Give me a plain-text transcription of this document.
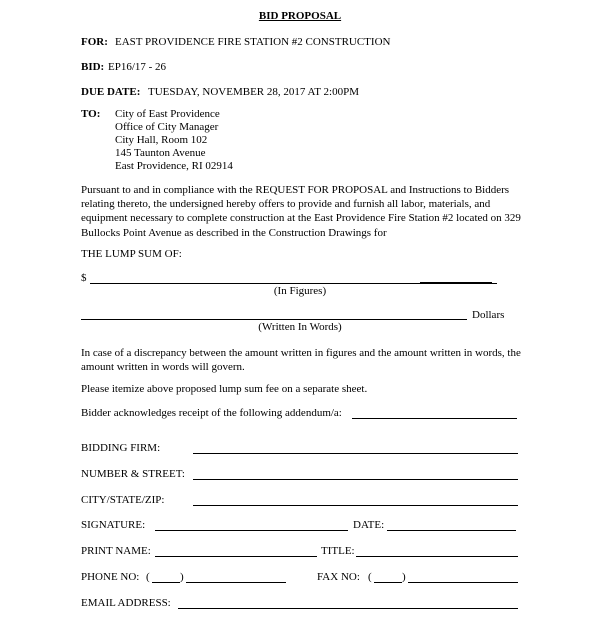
BID PROPOSAL
FOR: EAST PROVIDENCE FIRE STATION #2 CONSTRUCTION
BID: EP16/17 - 26
DUE DATE: TUESDAY, NOVEMBER 28, 2017 AT 2:00PM
TO: City of East Providence
Office of City Manager
City Hall, Room 102
145 Taunton Avenue
East Providence, RI 02914
Pursuant to and in compliance with the REQUEST FOR PROPOSAL and Instructions to Bidders relating thereto, the undersigned hereby offers to provide and furnish all labor, materials, and equipment necessary to complete construction at the East Providence Fire Station #2 located on 329 Bullocks Point Avenue as described in the Construction Drawings for
THE LUMP SUM OF:
$
(In Figures)
Dollars
(Written In Words)
In case of a discrepancy between the amount written in figures and the amount written in words, the amount written in words will govern.
Please itemize above proposed lump sum fee on a separate sheet.
Bidder acknowledges receipt of the following addendum/a:
BIDDING FIRM:
NUMBER & STREET:
CITY/STATE/ZIP:
SIGNATURE:	DATE:
PRINT NAME:	TITLE:
PHONE NO: (	)	FAX NO: (	)
EMAIL ADDRESS:
